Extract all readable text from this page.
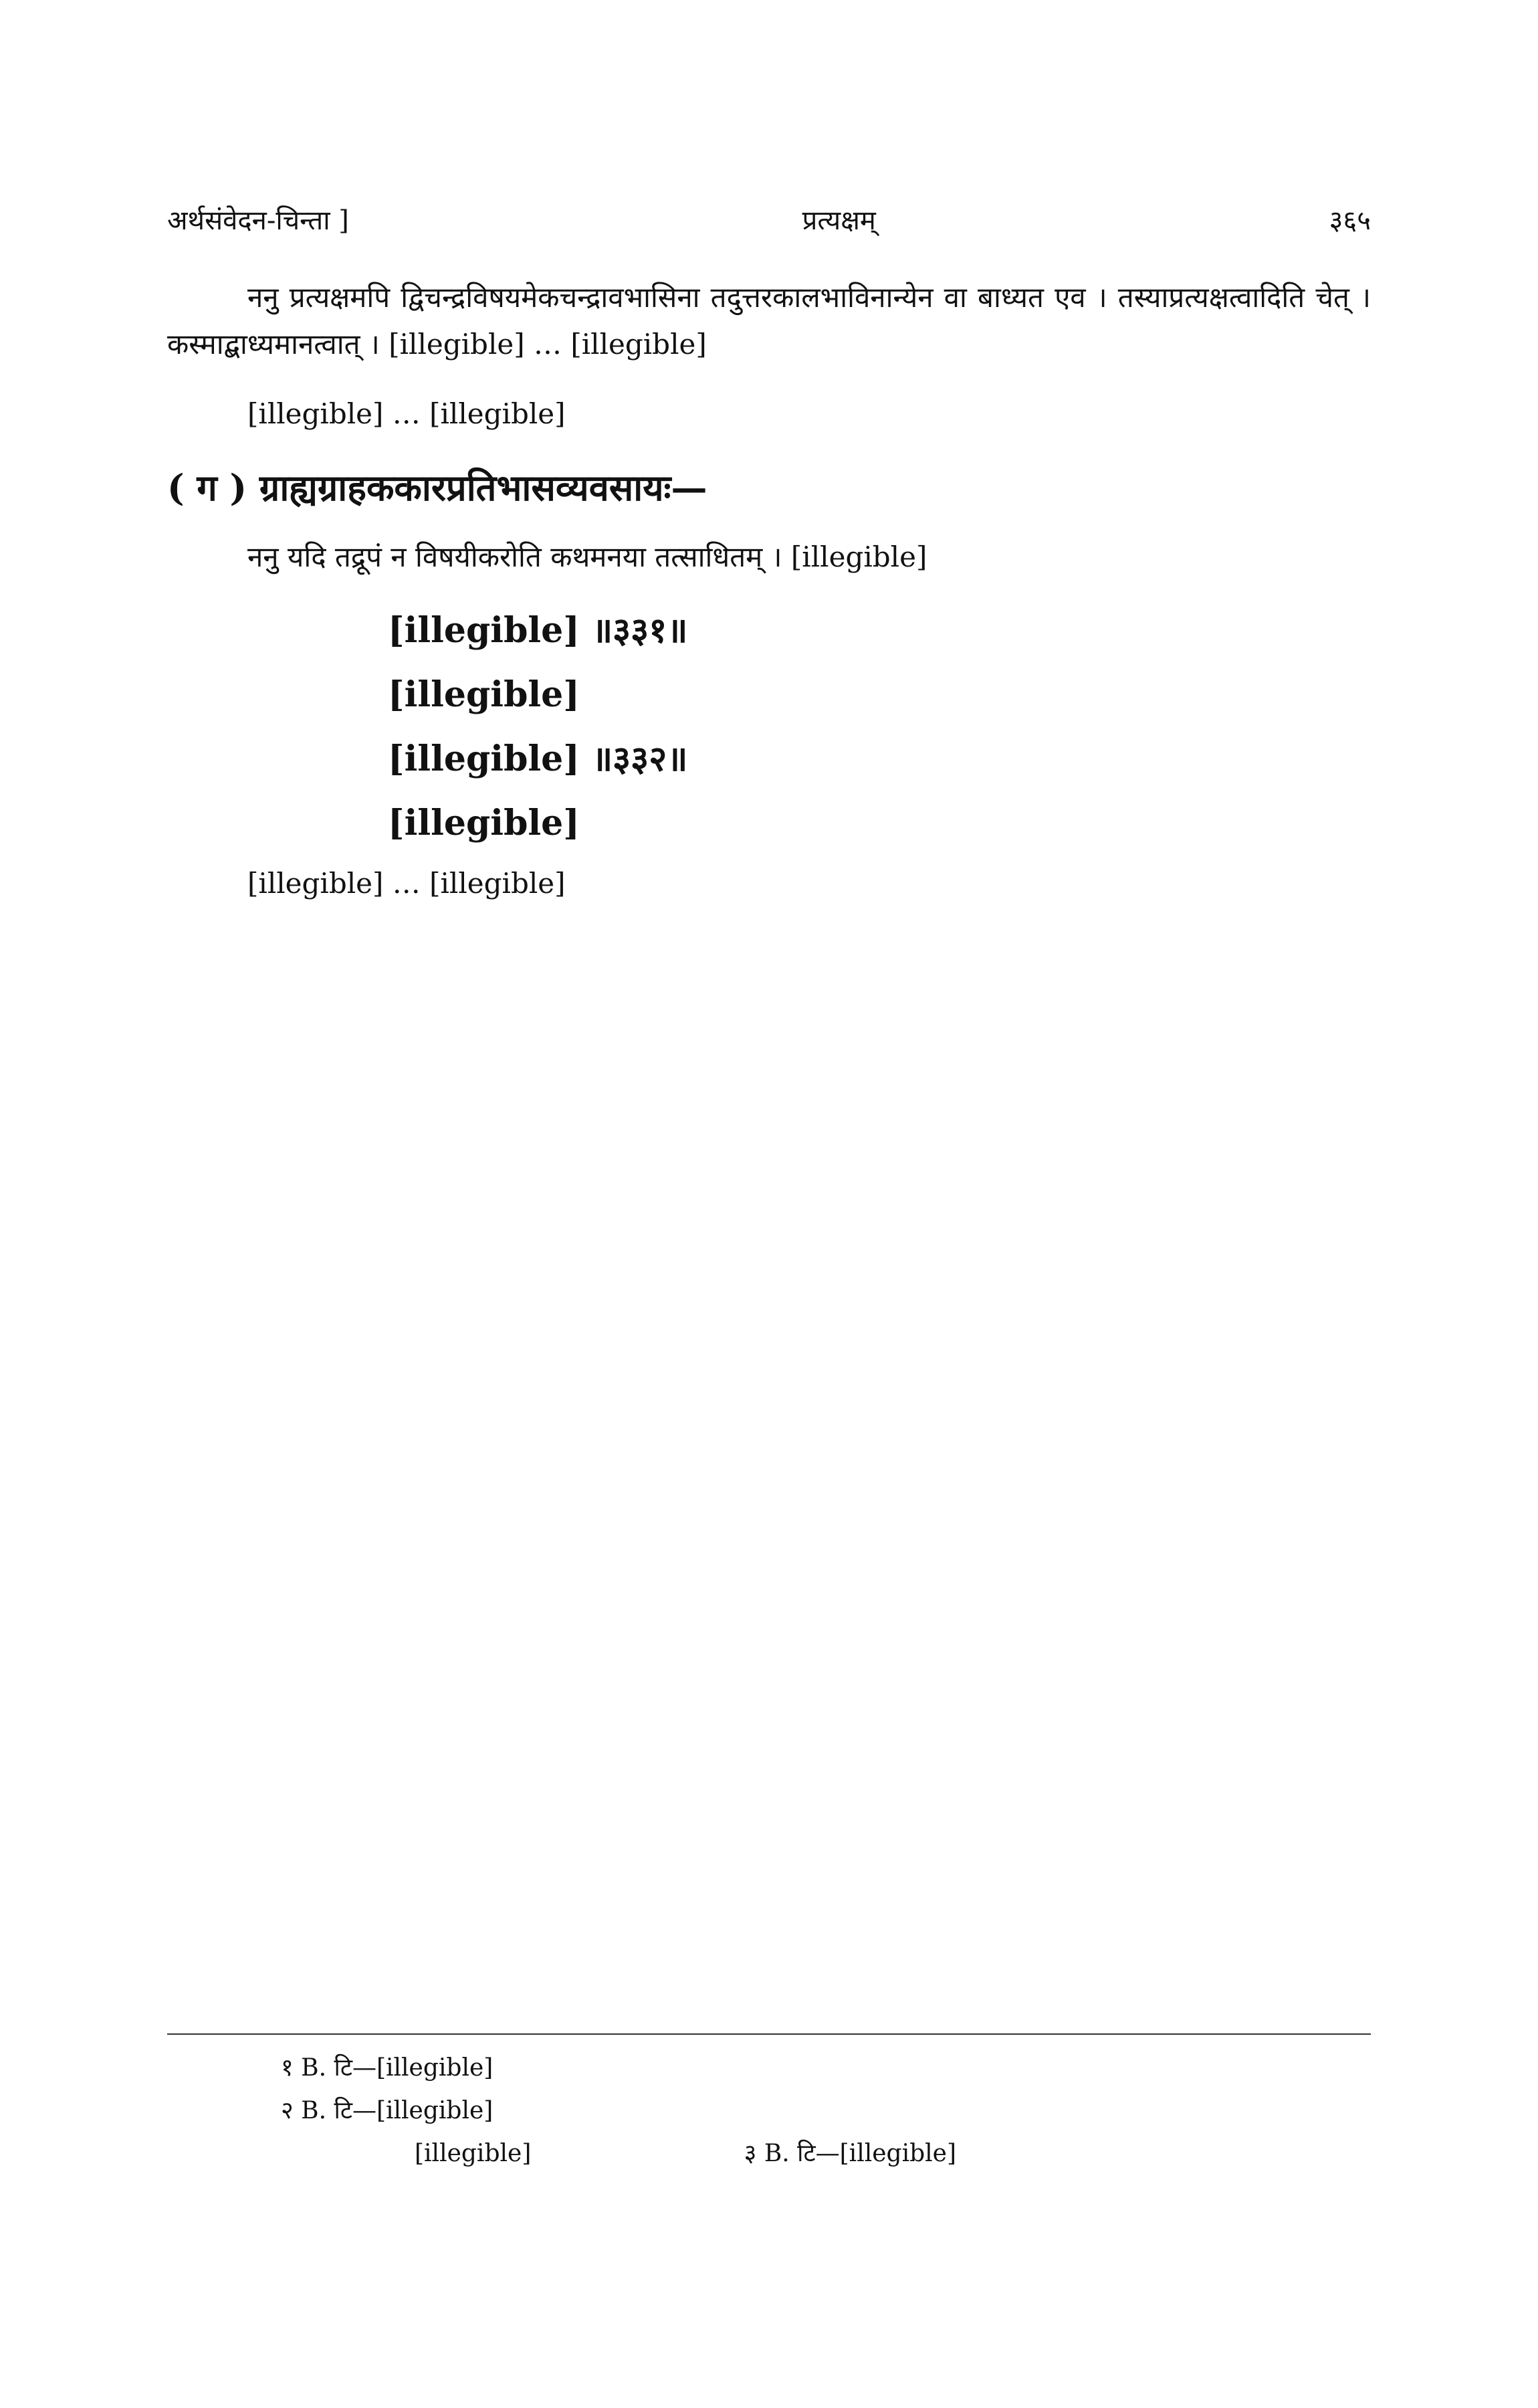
अर्थसंवेदन-चिन्ता ]	प्रत्यक्षम्	३६५

ननु प्रत्यक्षमपि द्विचन्द्रविषयमेकचन्द्रावभासिना तदुत्तरकालभाविनान्येन वा बाध्यत एव । तस्याप्रत्यक्षत्वादिति चेत् । कस्माद्बाध्यमानत्वात् । [illegible] … [illegible]

[illegible] … [illegible]

( ग ) ग्राह्यग्राहककारप्रतिभासव्यवसायः—

ननु यदि तद्रूपं न विषयीकरोति कथमनया तत्साधितम् । [illegible]

[illegible] ॥३३१॥
[illegible]
[illegible] ॥३३२॥
[illegible]

[illegible] … [illegible]

१ B. टि—[illegible]
२ B. टि—[illegible]
[illegible]	३ B. टि—[illegible]
